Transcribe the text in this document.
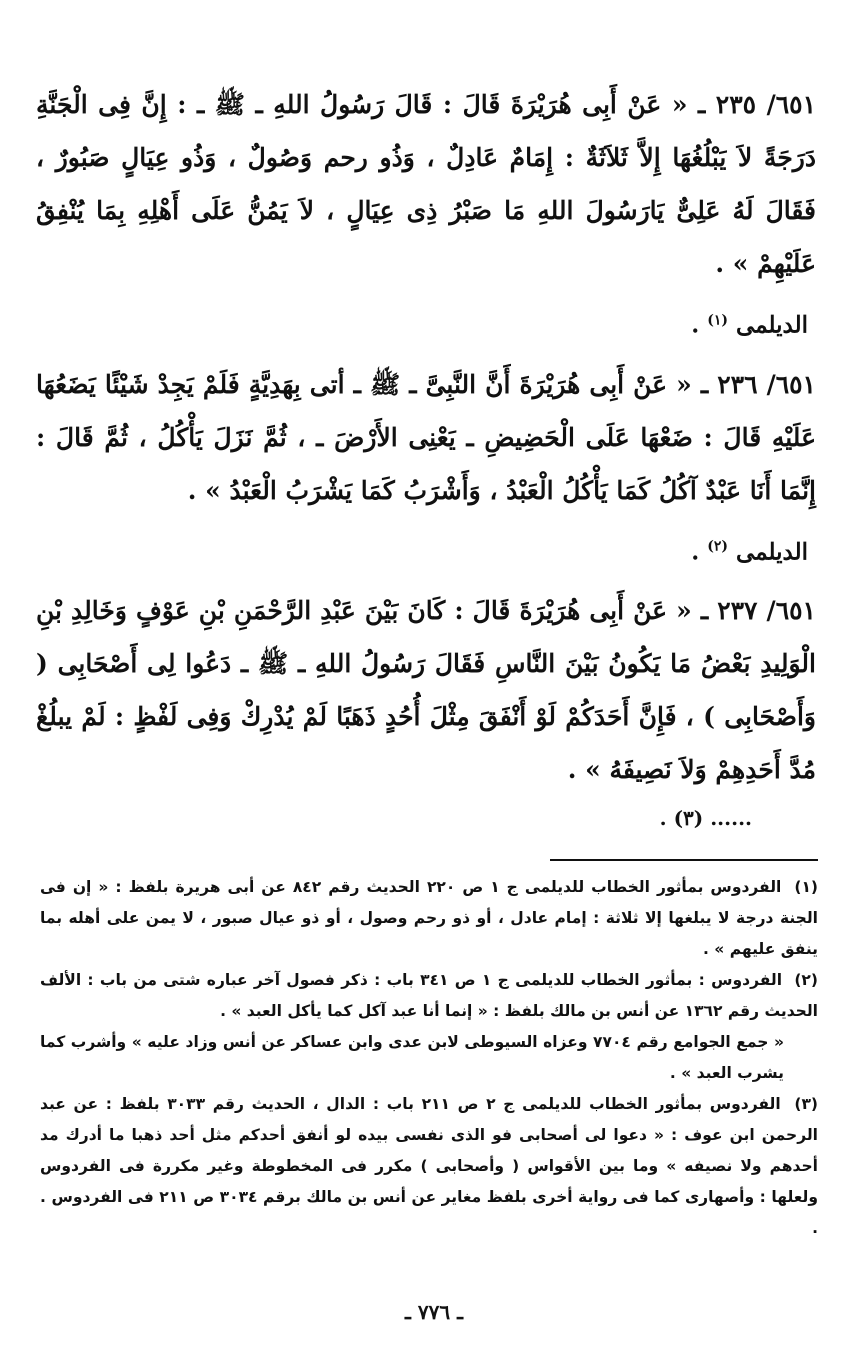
٦٥١/ ٢٣٥ ـ « عَنْ أَبِى هُرَيْرَةَ قَالَ : قَالَ رَسُولُ اللهِ ـ ﷺ ـ : إِنَّ فِى الْجَنَّةِ دَرَجَةً لاَ يَبْلُغُهَا إِلاَّ ثَلاَثَةٌ : إِمَامٌ عَادِلٌ ، وَذُو رحم وَصُولٌ ، وَذُو عِيَالٍ صَبُورٌ ، فَقَالَ لَهُ عَلِىٌّ يَارَسُولَ اللهِ مَا صَبْرُ ذِى عِيَالٍ ، لاَ يَمُنُّ عَلَى أَهْلِهِ بِمَا يُنْفِقُ عَلَيْهِمْ » .

الديلمى $^{(١)}$ .

٦٥١/ ٢٣٦ ـ « عَنْ أَبِى هُرَيْرَةَ أَنَّ النَّبِىَّ ـ ﷺ ـ أتى بِهَدِيَّةٍ فَلَمْ يَجِدْ شَيْئًا يَضَعُهَا عَلَيْهِ قَالَ : ضَعْهَا عَلَى الْحَضِيضِ ـ يَعْنِى الأَرْضَ ـ ، ثُمَّ نَزَلَ يَأْكُلُ ، ثُمَّ قَالَ : إِنَّمَا أَنَا عَبْدٌ آكُلُ كَمَا يَأْكُلُ الْعَبْدُ ، وَأَشْرَبُ كَمَا يَشْرَبُ الْعَبْدُ » .

الديلمى $^{(٢)}$ .

٦٥١/ ٢٣٧ ـ « عَنْ أَبِى هُرَيْرَةَ قَالَ : كَانَ بَيْنَ عَبْدِ الرَّحْمَنِ بْنِ عَوْفٍ وَخَالِدِ بْنِ الْوَلِيدِ بَعْضُ مَا يَكُونُ بَيْنَ النَّاسِ فَقَالَ رَسُولُ اللهِ ـ ﷺ ـ دَعُوا لِى أَصْحَابِى ( وَأَصْحَابِى ) ، فَإِنَّ أَحَدَكُمْ لَوْ أَنْفَقَ مِثْلَ أُحُدٍ ذَهَبًا لَمْ يُدْرِكْ وَفِى لَفْظٍ : لَمْ يبلُغْ مُدَّ أَحَدِهِمْ وَلاَ نَصِيفَهُ » .

...... (٣) .

(١) الفردوس بمأثور الخطاب للديلمى ج ١ ص ٢٢٠ الحديث رقم ٨٤٢ عن أبى هريرة بلفظ : « إن فى الجنة درجة لا يبلغها إلا ثلاثة : إمام عادل ، أو ذو رحم وصول ، أو ذو عيال صبور ، لا يمن على أهله بما ينفق عليهم » .

(٢) الفردوس : بمأثور الخطاب للديلمى ج ١ ص ٣٤١ باب : ذكر فصول آخر عباره شتى من باب : الألف الحديث رقم ١٣٦٢ عن أنس بن مالك بلفظ : « إنما أنا عبد آكل كما يأكل العبد » .

« جمع الجوامع رقم ٧٧٠٤ وعزاه السيوطى لابن عدى وابن عساكر عن أنس وزاد عليه » وأشرب كما يشرب العبد » .

(٣) الفردوس بمأثور الخطاب للديلمى ج ٢ ص ٢١١ باب : الدال ، الحديث رقم ٣٠٣٣ بلفظ : عن عبد الرحمن ابن عوف : « دعوا لى أصحابى فو الذى نفسى بيده لو أنفق أحدكم مثل أحد ذهبا ما أدرك مد أحدهم ولا نصيفه » وما بين الأقواس ( وأصحابى ) مكرر فى المخطوطة وغير مكررة فى الفردوس ولعلها : وأصهارى كما فى رواية أخرى بلفظ مغاير عن أنس بن مالك برقم ٣٠٣٤ ص ٢١١ فى الفردوس . .

ـ ٧٧٦ ـ
